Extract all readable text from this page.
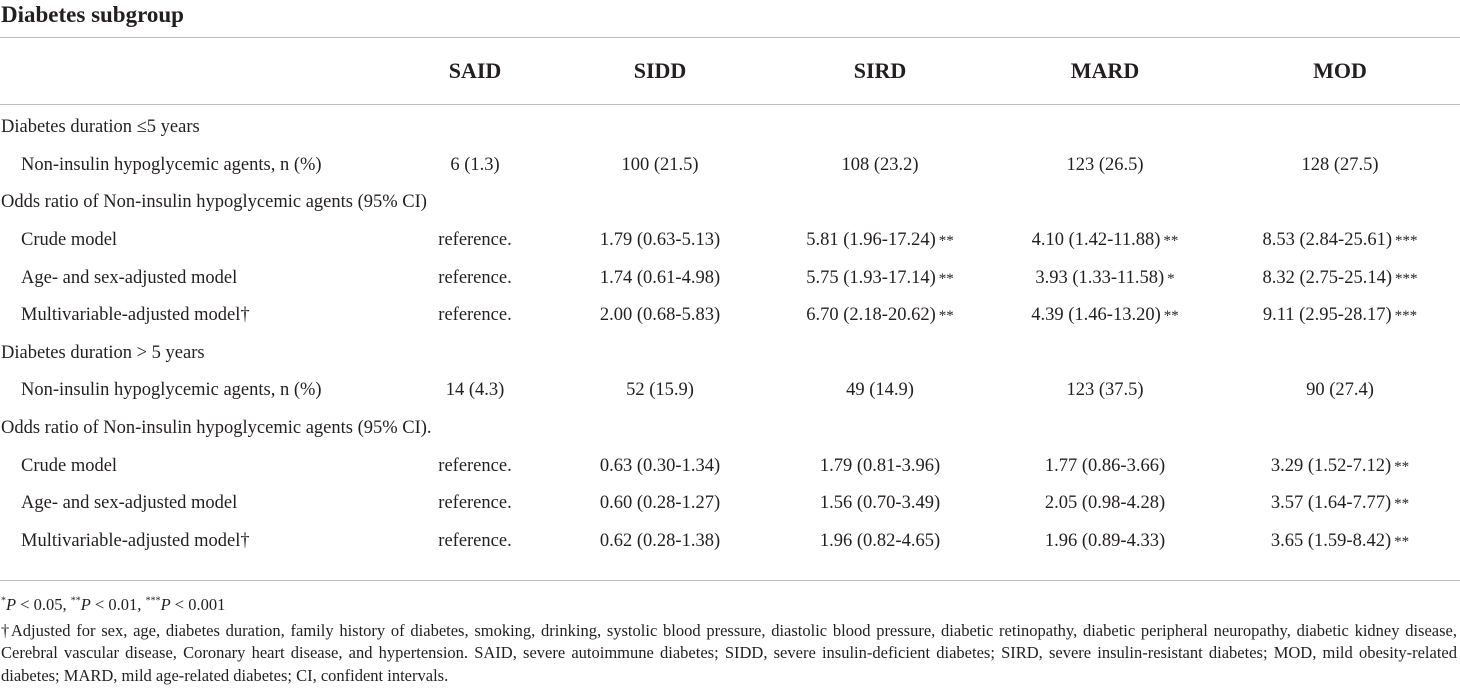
Diabetes subgroup
	SAID	SIDD	SIRD	MARD	MOD
Diabetes duration ≤5 years					
Non-insulin hypoglycemic agents, n (%)	6 (1.3)	100 (21.5)	108 (23.2)	123 (26.5)	128 (27.5)
Odds ratio of Non-insulin hypoglycemic agents (95% CI)					
Crude model	reference.	1.79 (0.63-5.13)	5.81 (1.96-17.24) **	4.10 (1.42-11.88) **	8.53 (2.84-25.61) ***
Age- and sex-adjusted model	reference.	1.74 (0.61-4.98)	5.75 (1.93-17.14) **	3.93 (1.33-11.58) *	8.32 (2.75-25.14) ***
Multivariable-adjusted model†	reference.	2.00 (0.68-5.83)	6.70 (2.18-20.62) **	4.39 (1.46-13.20) **	9.11 (2.95-28.17) ***
Diabetes duration > 5 years					
Non-insulin hypoglycemic agents, n (%)	14 (4.3)	52 (15.9)	49 (14.9)	123 (37.5)	90 (27.4)
Odds ratio of Non-insulin hypoglycemic agents (95% CI).					
Crude model	reference.	0.63 (0.30-1.34)	1.79 (0.81-3.96)	1.77 (0.86-3.66)	3.29 (1.52-7.12) **
Age- and sex-adjusted model	reference.	0.60 (0.28-1.27)	1.56 (0.70-3.49)	2.05 (0.98-4.28)	3.57 (1.64-7.77) **
Multivariable-adjusted model†	reference.	0.62 (0.28-1.38)	1.96 (0.82-4.65)	1.96 (0.89-4.33)	3.65 (1.59-8.42) **
*P < 0.05, **P < 0.01, ***P < 0.001
†Adjusted for sex, age, diabetes duration, family history of diabetes, smoking, drinking, systolic blood pressure, diastolic blood pressure, diabetic retinopathy, diabetic peripheral neuropathy, diabetic kidney disease, Cerebral vascular disease, Coronary heart disease, and hypertension. SAID, severe autoimmune diabetes; SIDD, severe insulin-deficient diabetes; SIRD, severe insulin-resistant diabetes; MOD, mild obesity-related diabetes; MARD, mild age-related diabetes; CI, confident intervals.
